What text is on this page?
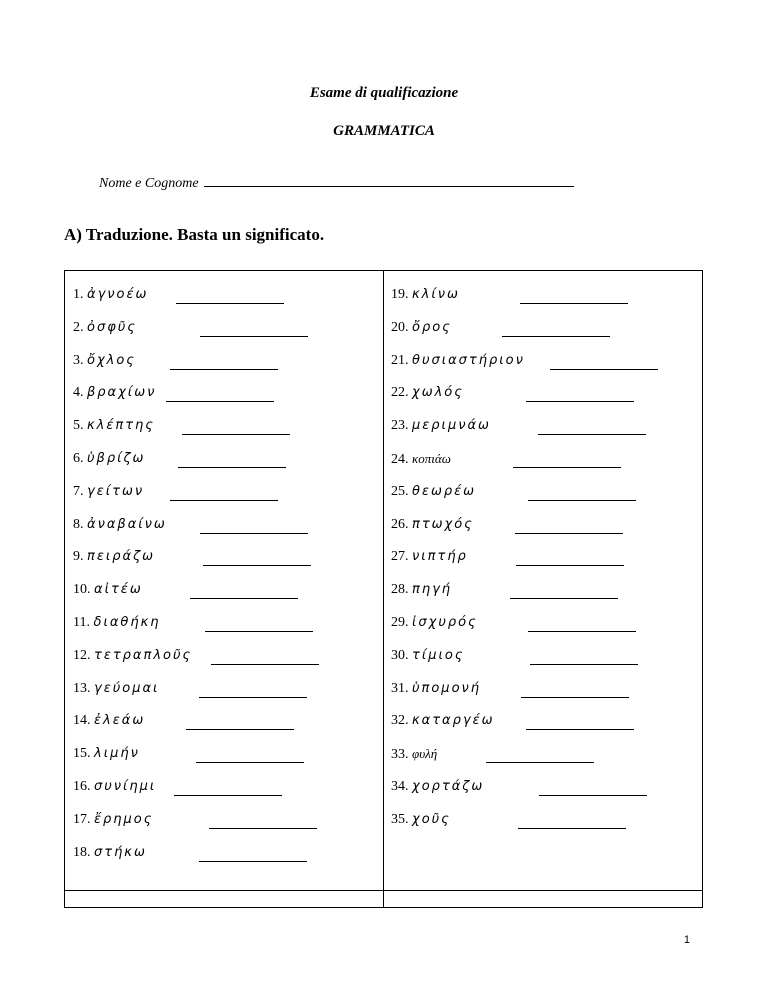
Esame di qualificazione
GRAMMATICA
Nome e Cognome
A) Traduzione. Basta un significato.
1. ἀγνοέω
2. ὀσφῦς
3. ὄχλος
4. βραχίων
5. κλέπτης
6. ὑβρίζω
7. γείτων
8. ἀναβαίνω
9. πειράζω
10. αἰτέω
11. διαθήκη
12. τετραπλοῦς
13. γεύομαι
14. ἐλεάω
15. λιμήν
16. συνίημι
17. ἔρημος
18. στήκω
19. κλίνω
20. ὄρος
21. θυσιαστήριον
22. χωλός
23. μεριμνάω
24. κοπιάω
25. θεωρέω
26. πτωχός
27. νιπτήρ
28. πηγή
29. ἰσχυρός
30. τίμιος
31. ὑπομονή
32. καταργέω
33. φυλή
34. χορτάζω
35. χοῦς
1
